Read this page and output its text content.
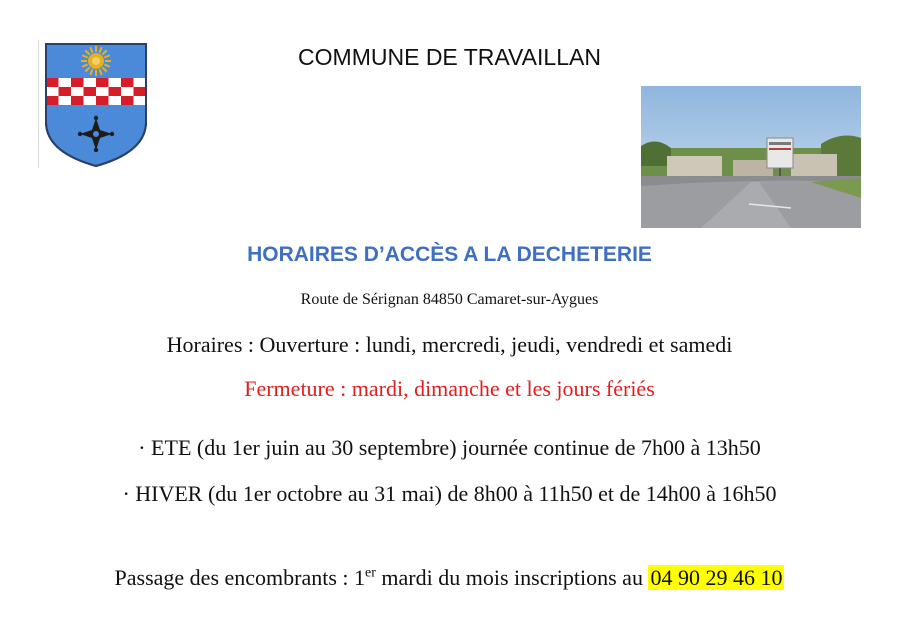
COMMUNE DE TRAVAILLAN
HORAIRES D’ACCÈS A LA DECHETERIE
Route de Sérignan 84850 Camaret-sur-Aygues
Horaires : Ouverture : lundi, mercredi, jeudi, vendredi et samedi
Fermeture : mardi, dimanche et les jours fériés
· ETE (du 1er juin au 30 septembre) journée continue de 7h00 à 13h50
· HIVER (du 1er octobre au 31 mai) de 8h00 à 11h50 et de 14h00 à 16h50
Passage des encombrants : 1er mardi du mois inscriptions au 04 90 29 46 10
